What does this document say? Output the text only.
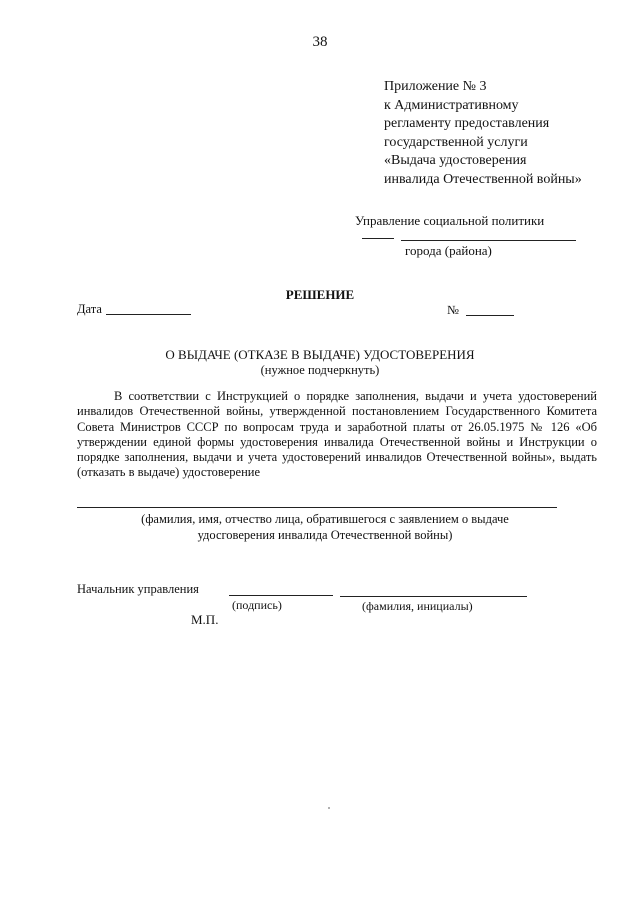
38
Приложение № 3
к Административному
регламенту предоставления
государственной услуги
«Выдача удостоверения
инвалида Отечественной войны»
Управление социальной политики
города (района)
РЕШЕНИЕ
Дата	№
О ВЫДАЧЕ (ОТКАЗЕ В ВЫДАЧЕ) УДОСТОВЕРЕНИЯ
(нужное подчеркнуть)

В соответствии с Инструкцией о порядке заполнения, выдачи и учета удостоверений инвалидов Отечественной войны, утвержденной постановлением Государственного Комитета Совета Министров СССР по вопросам труда и заработной платы от 26.05.1975 № 126 «Об утверждении единой формы удостоверения инвалида Отечественной войны и Инструкции о порядке заполнения, выдачи и учета удостоверений инвалидов Отечественной войны», выдать (отказать в выдаче) удостоверение

(фамилия, имя, отчество лица, обратившегося с заявлением о выдаче
удосговерения инвалида Отечественной войны)
Начальник управления
(подпись)	(фамилия, инициалы)
М.П.
